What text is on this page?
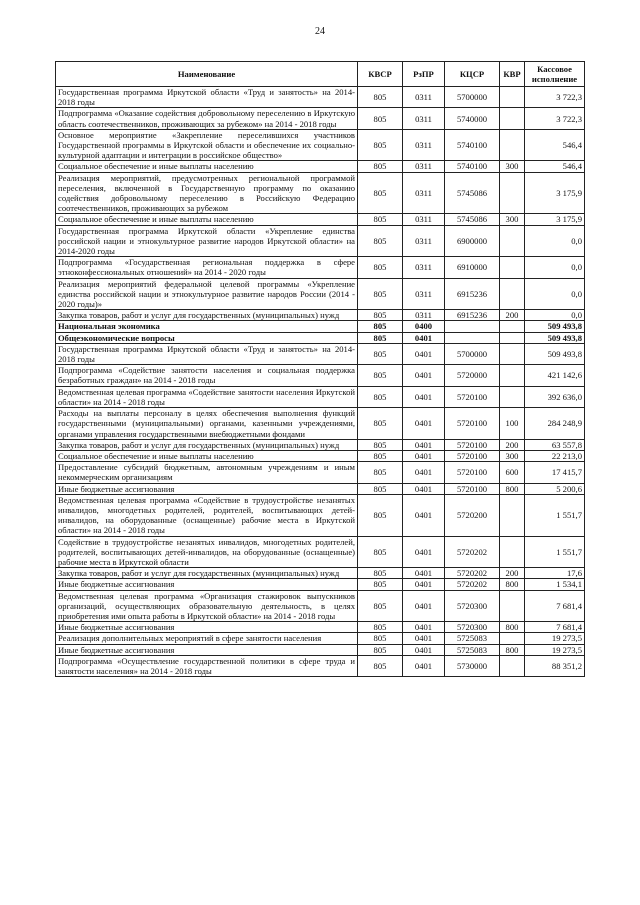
24
Наименование	КВСР	РзПР	КЦСР	КВР	Кассовое исполнение
Государственная программа Иркутской области «Труд и занятость» на 2014-2018 годы	805	0311	5700000		3 722,3
Подпрограмма «Оказание содействия добровольному переселению в Иркутскую область соотечественников, проживающих за рубежом» на 2014 - 2018 годы	805	0311	5740000		3 722,3
Основное мероприятие «Закрепление переселившихся участников Государственной программы в Иркутской области и обеспечение их социально-культурной адаптации и интеграции в российское общество»	805	0311	5740100		546,4
Социальное обеспечение и иные выплаты населению	805	0311	5740100	300	546,4
Реализация мероприятий, предусмотренных региональной программой переселения, включенной в Государственную программу по оказанию содействия добровольному переселению в Российскую Федерацию соотечественников, проживающих за рубежом	805	0311	5745086		3 175,9
Социальное обеспечение и иные выплаты населению	805	0311	5745086	300	3 175,9
Государственная программа Иркутской области «Укрепление единства российской нации и этнокультурное развитие народов Иркутской области» на 2014-2020 годы	805	0311	6900000		0,0
Подпрограмма «Государственная региональная поддержка в сфере этноконфессиональных отношений» на 2014 - 2020 годы	805	0311	6910000		0,0
Реализация мероприятий федеральной целевой программы «Укрепление единства российской нации и этнокультурное развитие народов России (2014 - 2020 годы)»	805	0311	6915236		0,0
Закупка товаров, работ и услуг для государственных (муниципальных) нужд	805	0311	6915236	200	0,0
Национальная экономика	805	0400			509 493,8
Общеэкономические вопросы	805	0401			509 493,8
Государственная программа Иркутской области «Труд и занятость» на 2014-2018 годы	805	0401	5700000		509 493,8
Подпрограмма «Содействие занятости населения и социальная поддержка безработных граждан» на 2014 - 2018 годы	805	0401	5720000		421 142,6
Ведомственная целевая программа «Содействие занятости населения Иркутской области» на 2014 - 2018 годы	805	0401	5720100		392 636,0
Расходы на выплаты персоналу в целях обеспечения выполнения функций государственными (муниципальными) органами, казенными учреждениями, органами управления государственными внебюджетными фондами	805	0401	5720100	100	284 248,9
Закупка товаров, работ и услуг для государственных (муниципальных) нужд	805	0401	5720100	200	63 557,8
Социальное обеспечение и иные выплаты населению	805	0401	5720100	300	22 213,0
Предоставление субсидий бюджетным, автономным учреждениям и иным некоммерческим организациям	805	0401	5720100	600	17 415,7
Иные бюджетные ассигнования	805	0401	5720100	800	5 200,6
Ведомственная целевая программа «Содействие в трудоустройстве незанятых инвалидов, многодетных родителей, родителей, воспитывающих детей-инвалидов, на оборудованные (оснащенные) рабочие места в Иркутской области» на 2014 - 2018 годы	805	0401	5720200		1 551,7
Содействие в трудоустройстве незанятых инвалидов, многодетных родителей, родителей, воспитывающих детей-инвалидов, на оборудованные (оснащенные) рабочие места в Иркутской области	805	0401	5720202		1 551,7
Закупка товаров, работ и услуг для государственных (муниципальных) нужд	805	0401	5720202	200	17,6
Иные бюджетные ассигнования	805	0401	5720202	800	1 534,1
Ведомственная целевая программа «Организация стажировок выпускников организаций, осуществляющих образовательную деятельность, в целях приобретения ими опыта работы в Иркутской области» на 2014 - 2018 годы	805	0401	5720300		7 681,4
Иные бюджетные ассигнования	805	0401	5720300	800	7 681,4
Реализация дополнительных мероприятий в сфере занятости населения	805	0401	5725083		19 273,5
Иные бюджетные ассигнования	805	0401	5725083	800	19 273,5
Подпрограмма «Осуществление государственной политики в сфере труда и занятости населения» на 2014 - 2018 годы	805	0401	5730000		88 351,2
